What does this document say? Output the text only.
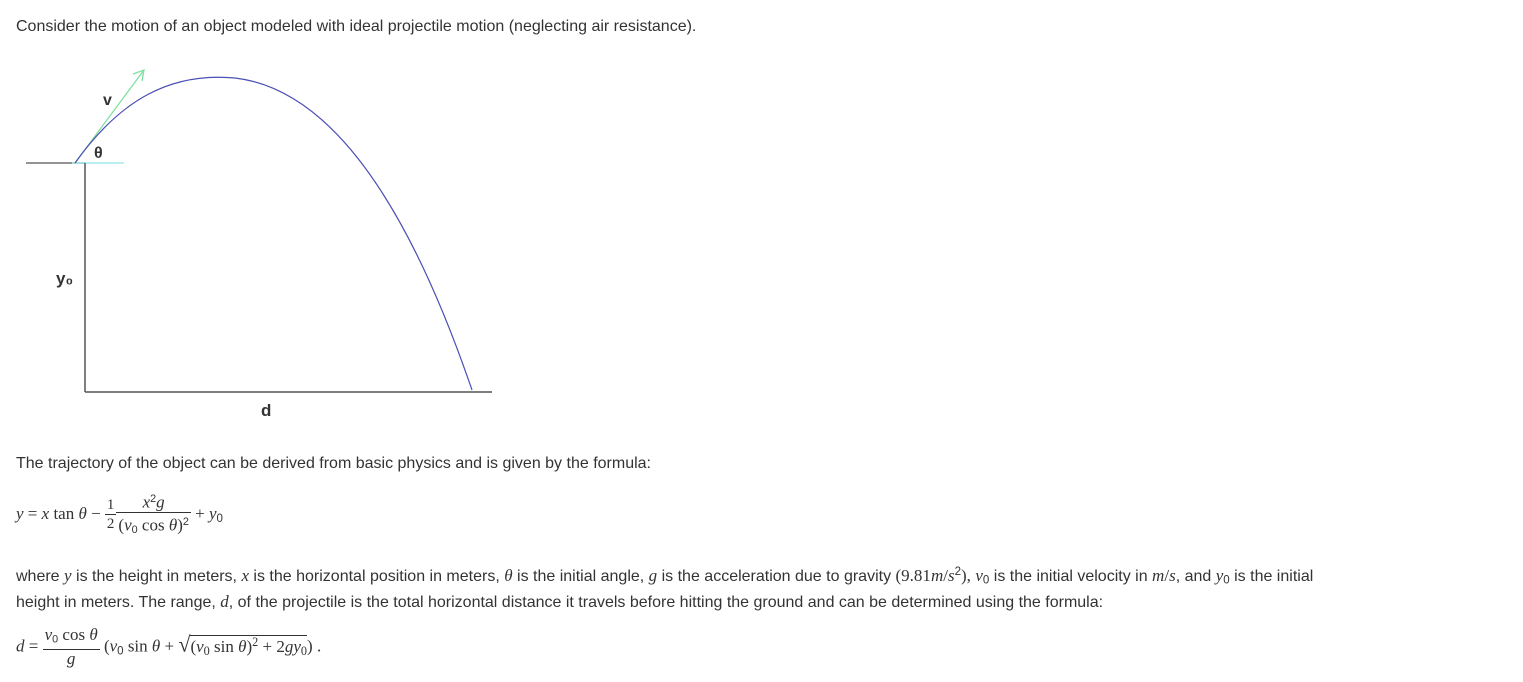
Consider the motion of an object modeled with ideal projectile motion (neglecting air resistance).

v
θ
y₀
d

The trajectory of the object can be derived from basic physics and is given by the formula:

y = x $\tan \theta - \frac{1}{2} \frac{x^2g}{(v_0 \cos \theta)^2} + y_0$

where y is the height in meters, x is the horizontal position in meters, θ is the initial angle, g is the acceleration due to gravity $(9.81m/s^2)$, $v_0$ is the initial velocity in m/s, and $y_0$ is the initial

height in meters. The range, d, of the projectile is the total horizontal distance it travels before hitting the ground and can be determined using the formula:

$d = \frac{v_0 \cos \theta}{g} (v_0$ $\sin \theta + √(v_0$ $\sin \theta)^2 + 2gy_0$) .
